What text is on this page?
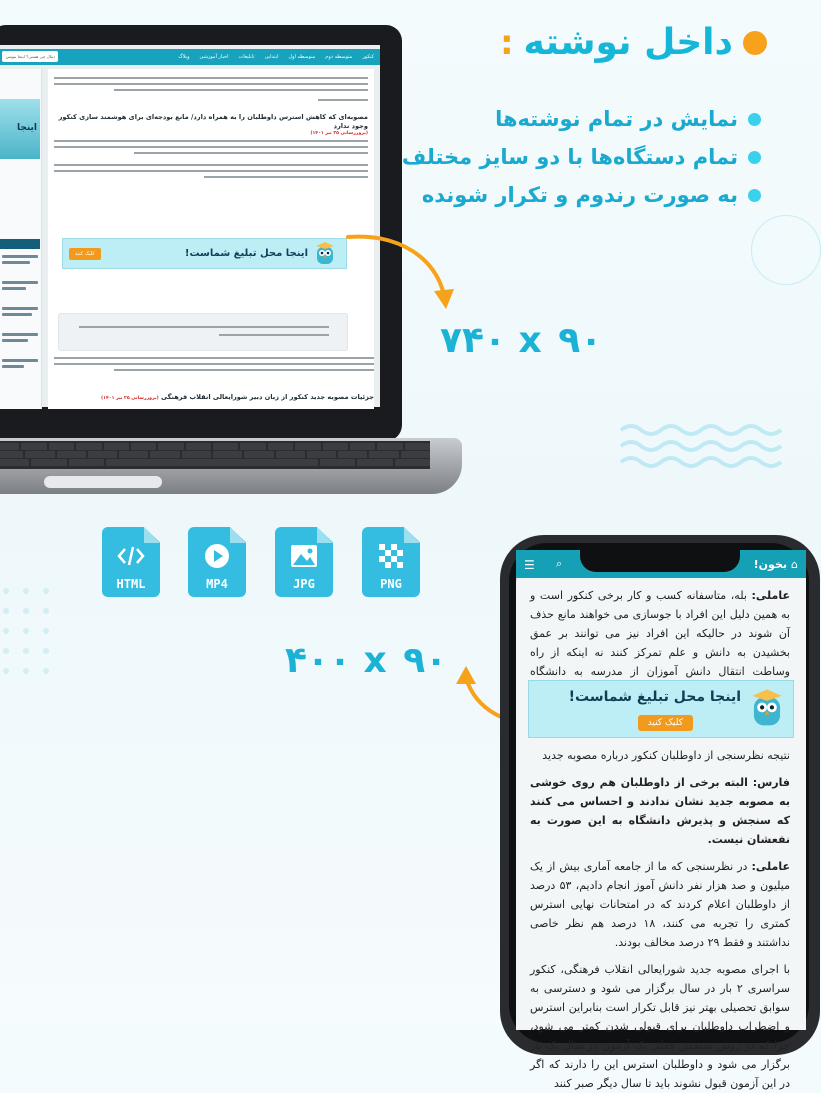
داخل نوشته
:
نمایش در تمام نوشته‌ها
تمام دستگاه‌ها با دو سایز مختلف
به صورت رندوم و تکرار شونده
کنکور
متوسطه دوم
متوسطه اول
ابتدایی
تابلیغات
اخبار آموزشی
وبلاگ
دنبال چی هستی؟ اینجا بنویس
اینجا
مصوبه‌ای که کاهش استرس داوطلبان را به همراه دارد/ مانع بودجه‌ای برای هوشمند سازی کنکور وجود ندارد
(بروزرسانی ۲۵ تیر ۱۴۰۱)
کلیک کنید	اینجا محل تبلیغ شماست!
جزئیات مصوبه جدید کنکور از زبان دبیر شورایعالی انقلاب فرهنگی (بروزرسانی ۲۵ تیر ۱۴۰۱)
۷۴۰ x ۹۰
۴۰۰ x ۹۰
HTML	MP4	JPG	PNG
⌂
بخون!
⌕
☰

عاملی: بله، متاسفانه کسب و کار برخی کنکور است و به همین دلیل این افراد با جوسازی می خواهند مانع حذف آن شوند در حالیکه این افراد نیز می توانند بر عمق بخشیدن به دانش و علم تمرکز کنند نه اینکه از راه وساطت انتقال دانش آموزان از مدرسه به دانشگاه

اینجا محل تبلیغ شماست!
کلیک کنید

نتیجه نظرسنجی از داوطلبان کنکور درباره مصوبه جدید

فارس: البته برخی از داوطلبان هم روی خوشی به مصوبه جدید نشان ندادند و احساس می کنند که سنجش و پذیرش دانشگاه به این صورت به نفعشان نیست.

عاملی: در نظرسنجی که ما از جامعه آماری بیش از یک میلیون و صد هزار نفر دانش آموز انجام دادیم، ۵۳ درصد از داوطلبان اعلام کردند که در امتحانات نهایی استرس کمتری را تجربه می کنند، ۱۸ درصد هم نظر خاصی نداشتند و فقط ۲۹ درصد مخالف بودند.

با اجرای مصوبه جدید شورایعالی انقلاب فرهنگی، کنکور سراسری ۲ بار در سال برگزار می شود و دسترسی به سوابق تحصیلی بهتر نیز قابل تکرار است بنابراین استرس و اضطراب داوطلبان برای قبولی شدن کمتر می شود، چرا که در روش سنجش فعلی یک آزمون در سال یک بار برگزار می شود و داوطلبان استرس این را دارند که اگر در این آزمون قبول نشوند باید تا سال دیگر صبر کنند
